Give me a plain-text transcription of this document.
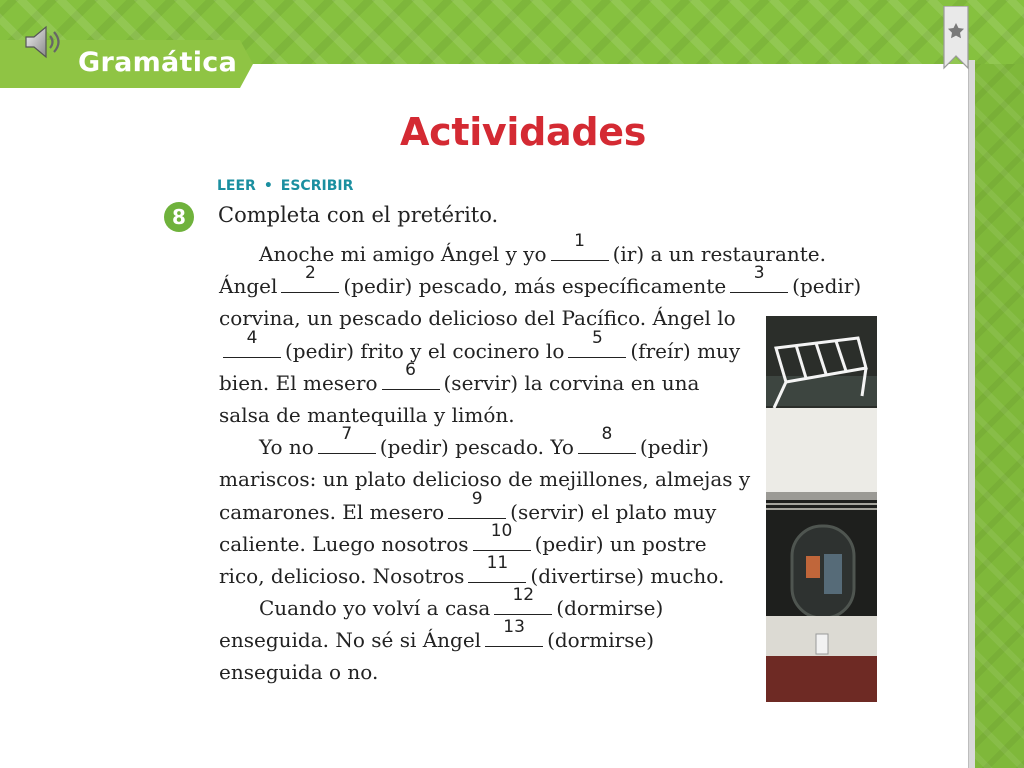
Gramática
Actividades
LEER • ESCRIBIR
8	Completa con el pretérito.
Anoche mi amigo Ángel y yo
1
(ir) a un restaurante.
Ángel
2
(pedir) pescado, más específicamente
3
(pedir)
corvina, un pescado delicioso del Pacífico. Ángel lo
4
(pedir) frito y el cocinero lo
5
(freír) muy
bien. El mesero
6
(servir) la corvina en una
salsa de mantequilla y limón.
Yo no
7
(pedir) pescado. Yo
8
(pedir)
mariscos: un plato delicioso de mejillones, almejas y
camarones. El mesero
9
(servir) el plato muy
caliente. Luego nosotros
10
(pedir) un postre
rico, delicioso. Nosotros
11
(divertirse) mucho.
Cuando yo volví a casa
12
(dormirse)
enseguida. No sé si Ángel
13
(dormirse)
enseguida o no.
